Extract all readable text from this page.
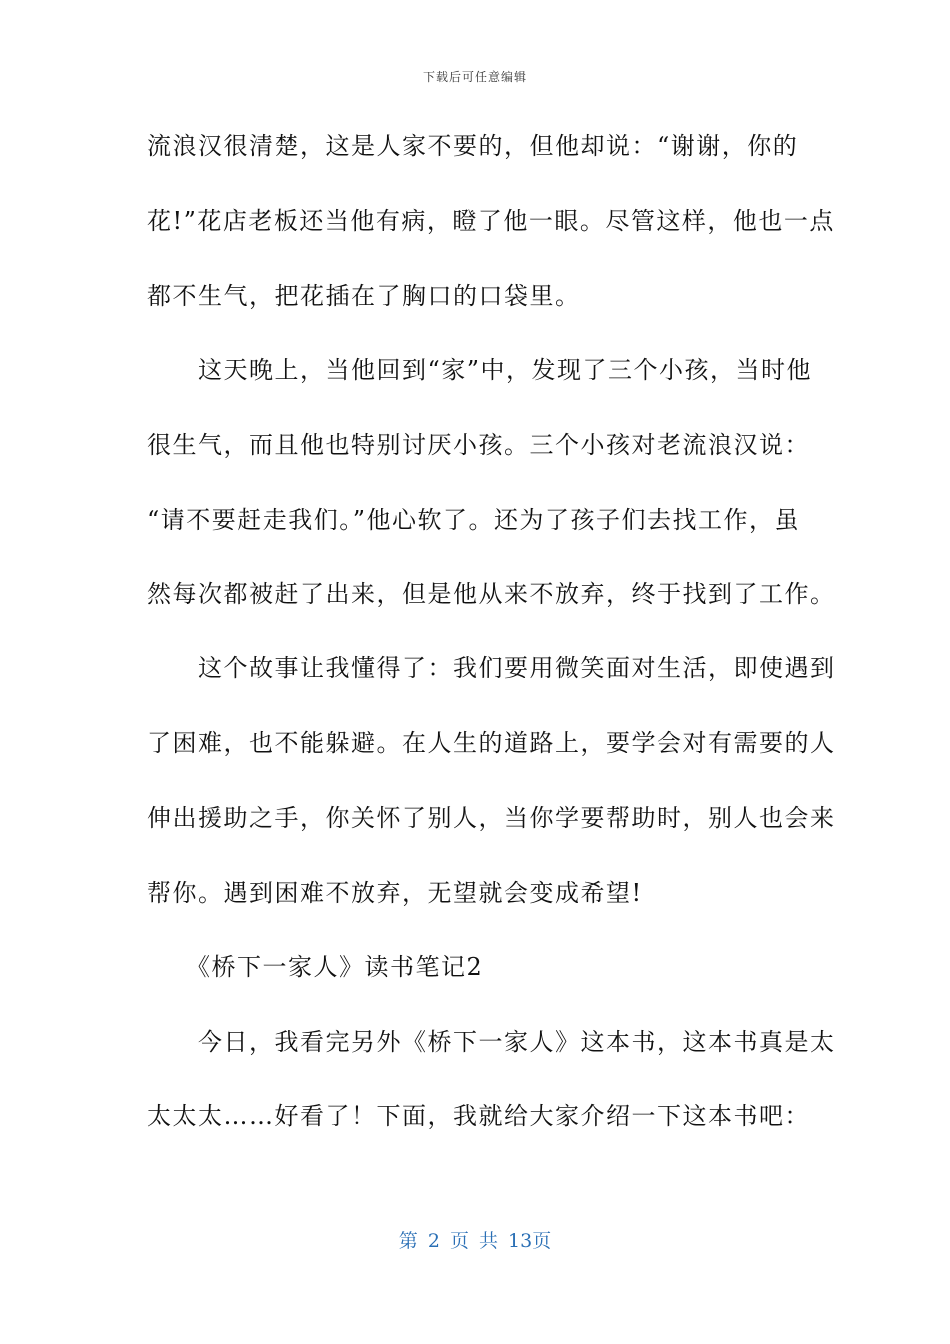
下载后可任意编辑
流浪汉很清楚，这是人家不要的，但他却说：“谢谢，你的
花!”花店老板还当他有病，瞪了他一眼。尽管这样，他也一点
都不生气，把花插在了胸口的口袋里。
　　这天晚上，当他回到“家”中，发现了三个小孩，当时他
很生气，而且他也特别讨厌小孩。三个小孩对老流浪汉说：
“请不要赶走我们。”他心软了。还为了孩子们去找工作，虽
然每次都被赶了出来，但是他从来不放弃，终于找到了工作。
　　这个故事让我懂得了：我们要用微笑面对生活，即使遇到
了困难，也不能躲避。在人生的道路上，要学会对有需要的人
伸出援助之手，你关怀了别人，当你学要帮助时，别人也会来
帮你。遇到困难不放弃，无望就会变成希望!
　　《桥下一家人》读书笔记2
　　今日，我看完另外《桥下一家人》这本书，这本书真是太
太太太……好看了！下面，我就给大家介绍一下这本书吧：
第 2 页 共 13页
